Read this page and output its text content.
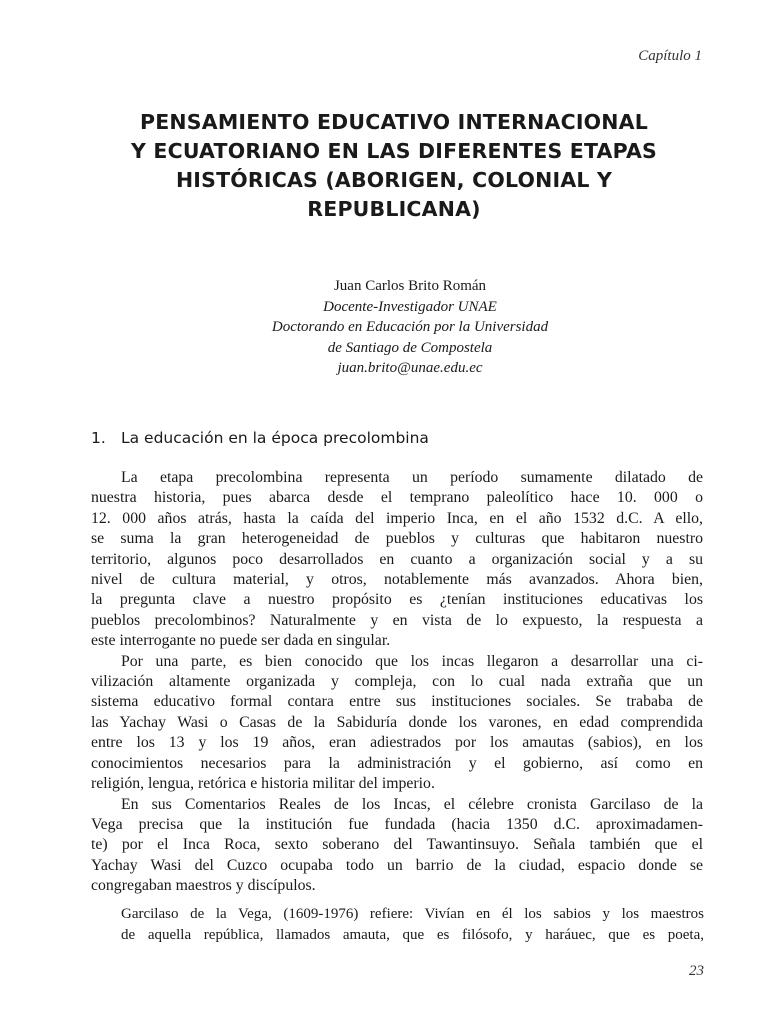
Capítulo 1
PENSAMIENTO EDUCATIVO INTERNACIONAL
Y ECUATORIANO EN LAS DIFERENTES ETAPAS
HISTÓRICAS (ABORIGEN, COLONIAL Y
REPUBLICANA)
Juan Carlos Brito Román
Docente-Investigador UNAE
Doctorando en Educación por la Universidad
de Santiago de Compostela
juan.brito@unae.edu.ec
1. La educación en la época precolombina
La etapa precolombina representa un período sumamente dilatado de
nuestra historia, pues abarca desde el temprano paleolítico hace 10. 000 o
12. 000 años atrás, hasta la caída del imperio Inca, en el año 1532 d.C. A ello,
se suma la gran heterogeneidad de pueblos y culturas que habitaron nuestro
territorio, algunos poco desarrollados en cuanto a organización social y a su
nivel de cultura material, y otros, notablemente más avanzados. Ahora bien,
la pregunta clave a nuestro propósito es ¿tenían instituciones educativas los
pueblos precolombinos? Naturalmente y en vista de lo expuesto, la respuesta a
este interrogante no puede ser dada en singular.
Por una parte, es bien conocido que los incas llegaron a desarrollar una ci-
vilización altamente organizada y compleja, con lo cual nada extraña que un
sistema educativo formal contara entre sus instituciones sociales. Se trababa de
las Yachay Wasi o Casas de la Sabiduría donde los varones, en edad comprendida
entre los 13 y los 19 años, eran adiestrados por los amautas (sabios), en los
conocimientos necesarios para la administración y el gobierno, así como en
religión, lengua, retórica e historia militar del imperio.
En sus Comentarios Reales de los Incas, el célebre cronista Garcilaso de la
Vega precisa que la institución fue fundada (hacia 1350 d.C. aproximadamen-
te) por el Inca Roca, sexto soberano del Tawantinsuyo. Señala también que el
Yachay Wasi del Cuzco ocupaba todo un barrio de la ciudad, espacio donde se
congregaban maestros y discípulos.
Garcilaso de la Vega, (1609-1976) refiere: Vivían en él los sabios y los maestros
de aquella república, llamados amauta, que es filósofo, y haráuec, que es poeta,
23
